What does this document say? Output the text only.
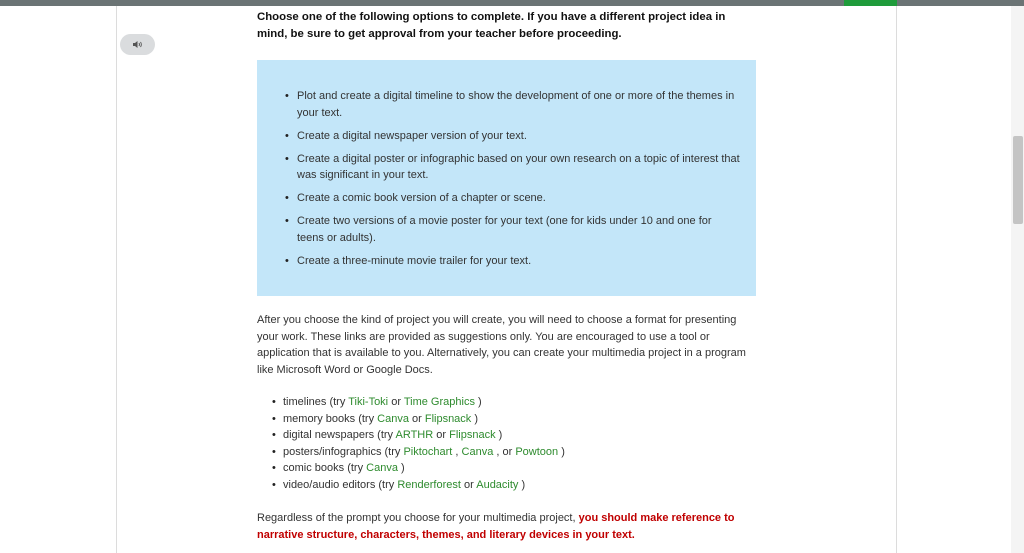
Choose one of the following options to complete. If you have a different project idea in mind, be sure to get approval from your teacher before proceeding.

• Plot and create a digital timeline to show the development of one or more of the themes in your text.
• Create a digital newspaper version of your text.
• Create a digital poster or infographic based on your own research on a topic of interest that was significant in your text.
• Create a comic book version of a chapter or scene.
• Create two versions of a movie poster for your text (one for kids under 10 and one for teens or adults).
• Create a three-minute movie trailer for your text.

After you choose the kind of project you will create, you will need to choose a format for presenting your work. These links are provided as suggestions only. You are encouraged to use a tool or application that is available to you. Alternatively, you can create your multimedia project in a program like Microsoft Word or Google Docs.

• timelines (try Tiki-Toki or Time Graphics )
• memory books (try Canva or Flipsnack )
• digital newspapers (try ARTHR or Flipsnack )
• posters/infographics (try Piktochart , Canva , or Powtoon )
• comic books (try Canva )
• video/audio editors (try Renderforest or Audacity )

Regardless of the prompt you choose for your multimedia project, you should make reference to narrative structure, characters, themes, and literary devices in your text.
